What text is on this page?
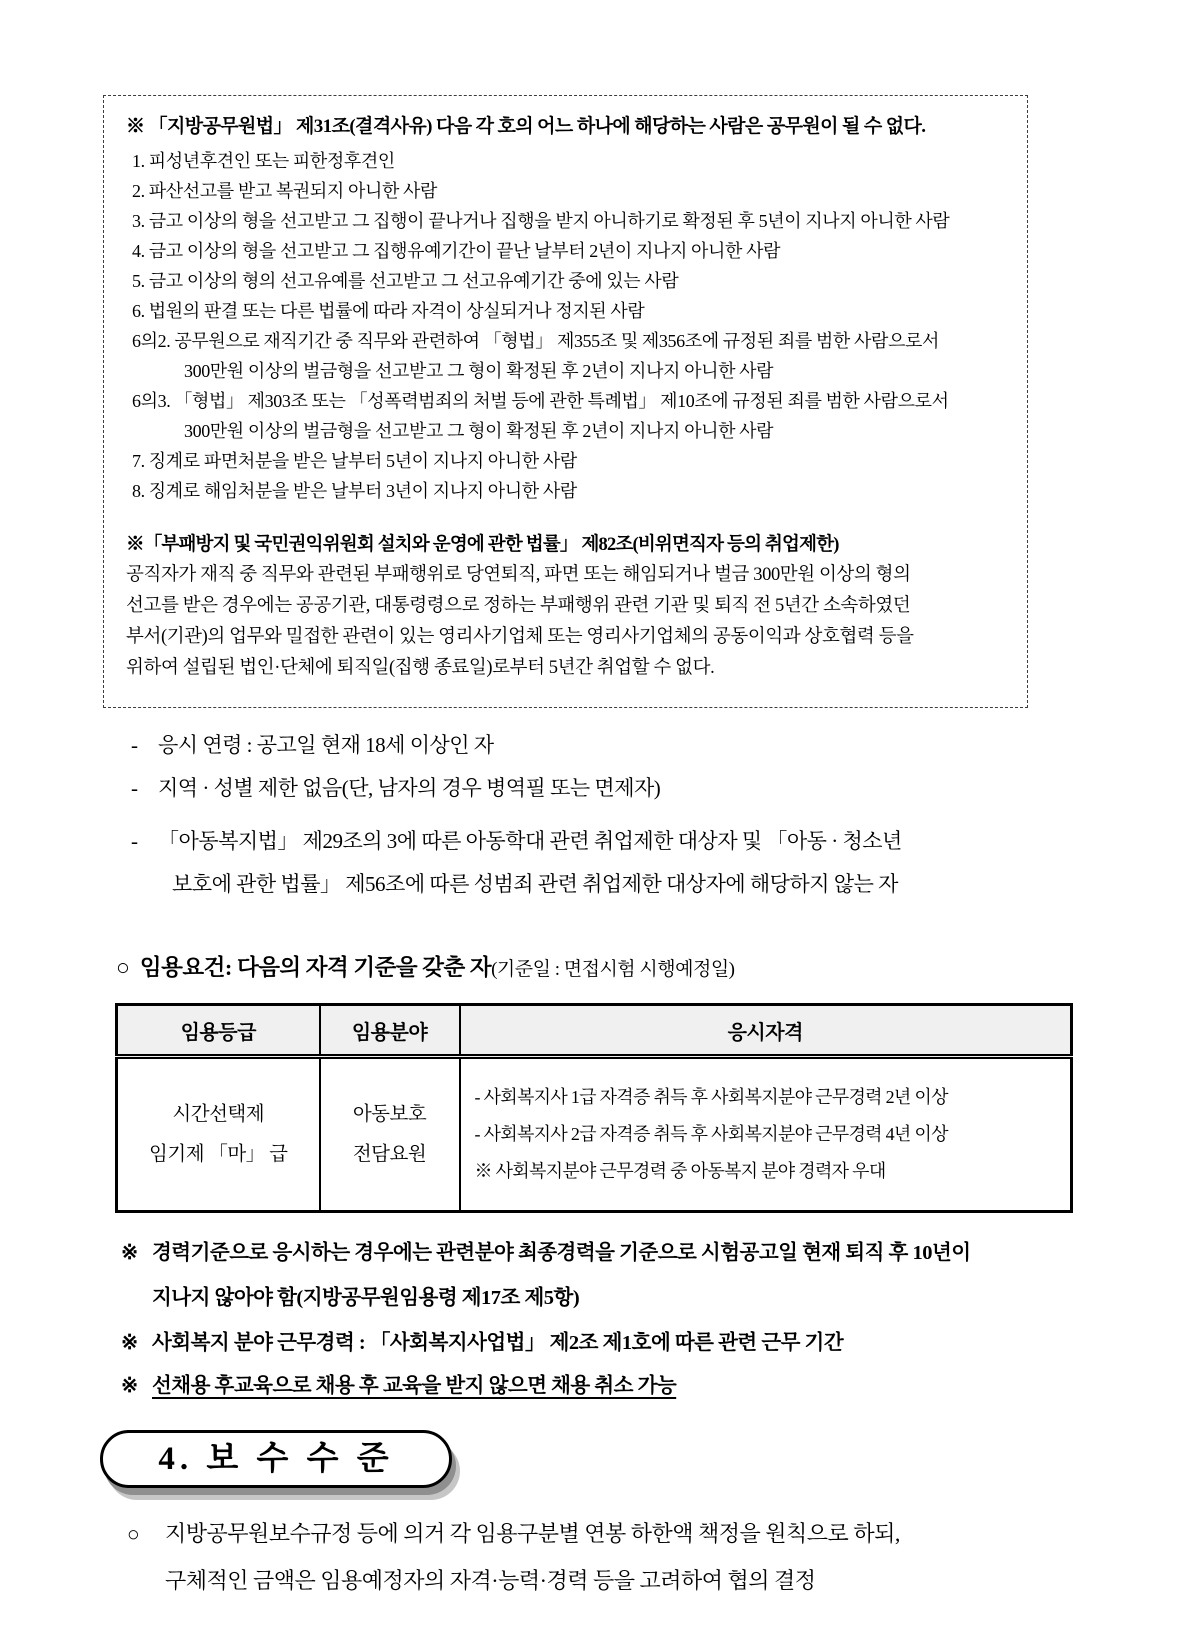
※ 「지방공무원법」 제31조(결격사유) 다음 각 호의 어느 하나에 해당하는 사람은 공무원이 될 수 없다.
1. 피성년후견인 또는 피한정후견인
2. 파산선고를 받고 복권되지 아니한 사람
3. 금고 이상의 형을 선고받고 그 집행이 끝나거나 집행을 받지 아니하기로 확정된 후 5년이 지나지 아니한 사람
4. 금고 이상의 형을 선고받고 그 집행유예기간이 끝난 날부터 2년이 지나지 아니한 사람
5. 금고 이상의 형의 선고유예를 선고받고 그 선고유예기간 중에 있는 사람
6. 법원의 판결 또는 다른 법률에 따라 자격이 상실되거나 정지된 사람
6의2. 공무원으로 재직기간 중 직무와 관련하여 「형법」 제355조 및 제356조에 규정된 죄를 범한 사람으로서
300만원 이상의 벌금형을 선고받고 그 형이 확정된 후 2년이 지나지 아니한 사람
6의3. 「형법」 제303조 또는 「성폭력범죄의 처벌 등에 관한 특례법」 제10조에 규정된 죄를 범한 사람으로서
300만원 이상의 벌금형을 선고받고 그 형이 확정된 후 2년이 지나지 아니한 사람
7. 징계로 파면처분을 받은 날부터 5년이 지나지 아니한 사람
8. 징계로 해임처분을 받은 날부터 3년이 지나지 아니한 사람
※「부패방지 및 국민권익위원회 설치와 운영에 관한 법률」 제82조(비위면직자 등의 취업제한)
공직자가 재직 중 직무와 관련된 부패행위로 당연퇴직, 파면 또는 해임되거나 벌금 300만원 이상의 형의
선고를 받은 경우에는 공공기관, 대통령령으로 정하는 부패행위 관련 기관 및 퇴직 전 5년간 소속하였던
부서(기관)의 업무와 밀접한 관련이 있는 영리사기업체 또는 영리사기업체의 공동이익과 상호협력 등을
위하여 설립된 법인·단체에 퇴직일(집행 종료일)로부터 5년간 취업할 수 없다.
- 응시 연령 : 공고일 현재 18세 이상인 자
- 지역 · 성별 제한 없음(단, 남자의 경우 병역필 또는 면제자)
- 「아동복지법」 제29조의 3에 따른 아동학대 관련 취업제한 대상자 및 「아동 · 청소년
보호에 관한 법률」 제56조에 따른 성범죄 관련 취업제한 대상자에 해당하지 않는 자
○ 임용요건: 다음의 자격 기준을 갖춘 자(기준일 : 면접시험 시행예정일)
임용등급	임용분야	응시자격

시간선택제
임기제 「마」 급

아동보호
전담요원

- 사회복지사 1급 자격증 취득 후 사회복지분야 근무경력 2년 이상
- 사회복지사 2급 자격증 취득 후 사회복지분야 근무경력 4년 이상
※ 사회복지분야 근무경력 중 아동복지 분야 경력자 우대
※ 경력기준으로 응시하는 경우에는 관련분야 최종경력을 기준으로 시험공고일 현재 퇴직 후 10년이
지나지 않아야 함(지방공무원임용령 제17조 제5항)
※ 사회복지 분야 근무경력 : 「사회복지사업법」 제2조 제1호에 따른 관련 근무 기간
※ 선채용 후교육으로 채용 후 교육을 받지 않으면 채용 취소 가능
4. 보 수 수 준
○ 지방공무원보수규정 등에 의거 각 임용구분별 연봉 하한액 책정을 원칙으로 하되,
구체적인 금액은 임용예정자의 자격·능력·경력 등을 고려하여 협의 결정
